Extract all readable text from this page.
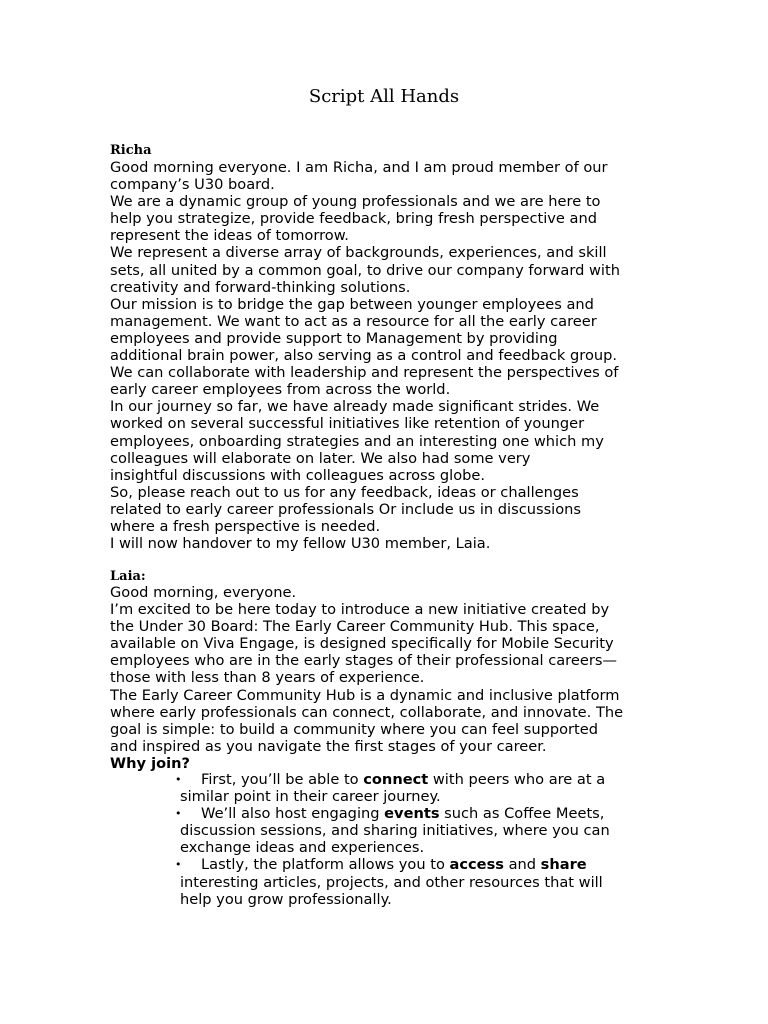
Script All Hands
Richa

Good morning everyone. I am Richa, and I am proud member of our

company’s U30 board.

We are a dynamic group of young professionals and we are here to

help you strategize, provide feedback, bring fresh perspective and

represent the ideas of tomorrow.

We represent a diverse array of backgrounds, experiences, and skill

sets, all united by a common goal, to drive our company forward with

creativity and forward-thinking solutions.

Our mission is to bridge the gap between younger employees and

management. We want to act as a resource for all the early career

employees and provide support to Management by providing

additional brain power, also serving as a control and feedback group.

We can collaborate with leadership and represent the perspectives of

early career employees from across the world.

In our journey so far, we have already made significant strides. We

worked on several successful initiatives like retention of younger

employees, onboarding strategies and an interesting one which my

colleagues will elaborate on later. We also had some very

insightful discussions with colleagues across globe.

So, please reach out to us for any feedback, ideas or challenges

related to early career professionals Or include us in discussions

where a fresh perspective is needed.

I will now handover to my fellow U30 member, Laia.

Laia:

Good morning, everyone.

I’m excited to be here today to introduce a new initiative created by

the Under 30 Board: The Early Career Community Hub. This space,

available on Viva Engage, is designed specifically for Mobile Security

employees who are in the early stages of their professional careers—

those with less than 8 years of experience.

The Early Career Community Hub is a dynamic and inclusive platform

where early professionals can connect, collaborate, and innovate. The

goal is simple: to build a community where you can feel supported

and inspired as you navigate the first stages of your career.

Why join?

• First, you’ll be able to connect with peers who are at a
similar point in their career journey.
• We’ll also host engaging events such as Coffee Meets,
discussion sessions, and sharing initiatives, where you can
exchange ideas and experiences.
• Lastly, the platform allows you to access and share
interesting articles, projects, and other resources that will
help you grow professionally.
